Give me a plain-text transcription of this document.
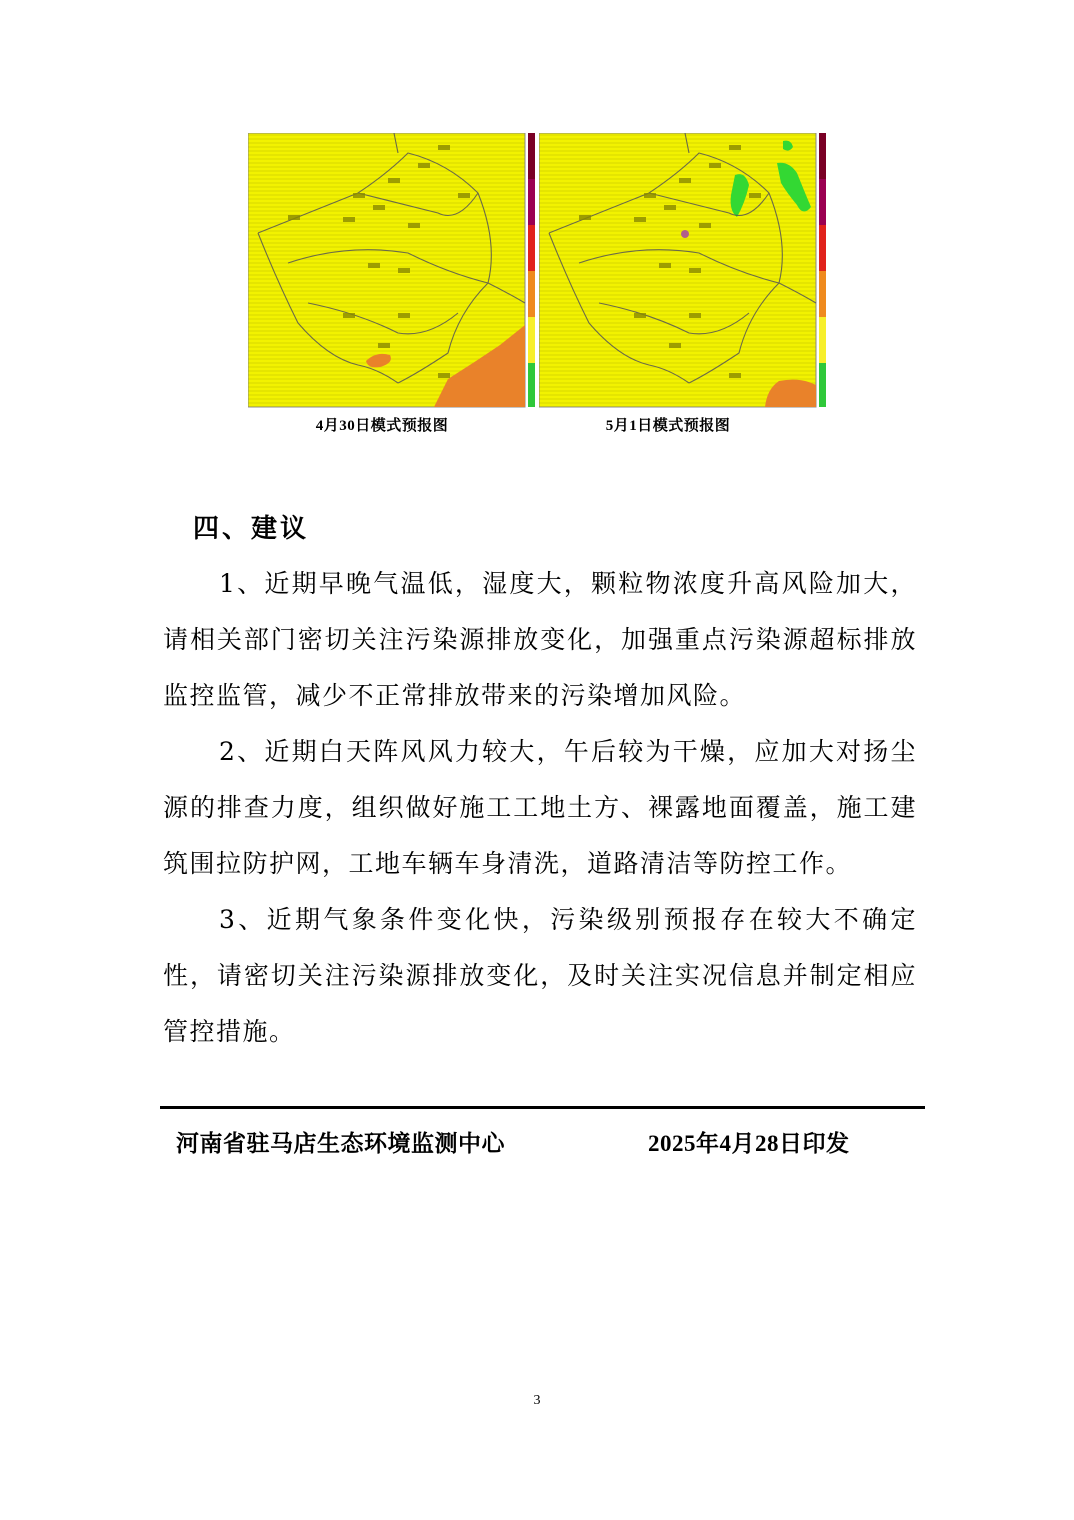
4月30日模式预报图	5月1日模式预报图
四、建议

1、近期早晚气温低，湿度大，颗粒物浓度升高风险加大，请相关部门密切关注污染源排放变化，加强重点污染源超标排放监控监管，减少不正常排放带来的污染增加风险。

2、近期白天阵风风力较大，午后较为干燥，应加大对扬尘源的排查力度，组织做好施工工地土方、裸露地面覆盖，施工建筑围拉防护网，工地车辆车身清洗，道路清洁等防控工作。

3、近期气象条件变化快，污染级别预报存在较大不确定性，请密切关注污染源排放变化，及时关注实况信息并制定相应管控措施。

河南省驻马店生态环境监测中心	2025年4月28日印发
3
